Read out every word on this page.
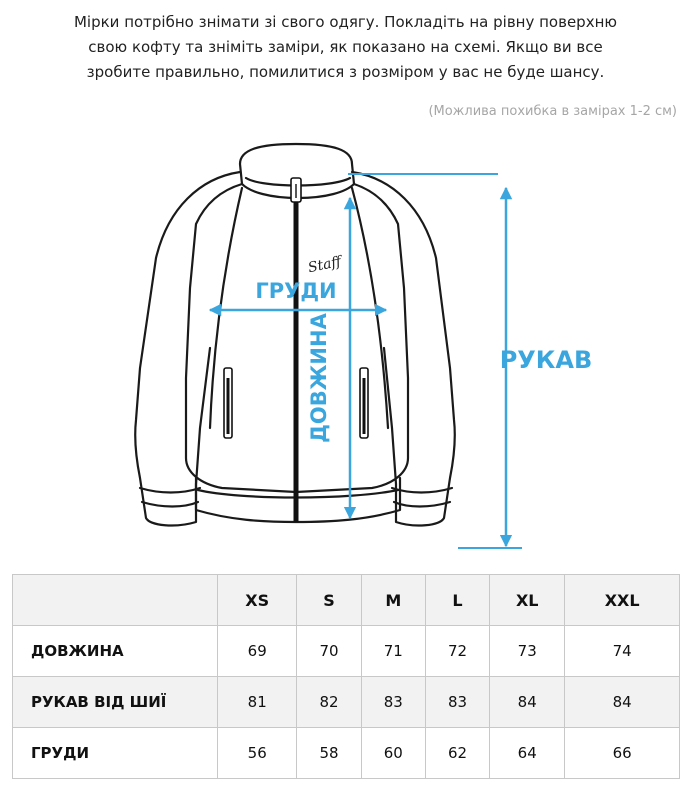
Мірки потрібно знімати зі свого одягу. Покладіть на рівну поверхню

свою кофту та зніміть заміри, як показано на схемі. Якщо ви все

зробите правильно, помилитися з розміром у вас не буде шансу.

(Можлива похибка в замірах 1-2 см)
Staff
ГРУДИ
ДОВЖИНА	РУКАВ
	XS	S	M	L	XL	XXL
ДОВЖИНА	69	70	71	72	73	74
РУКАВ ВІД ШИЇ	81	82	83	83	84	84
ГРУДИ	56	58	60	62	64	66
